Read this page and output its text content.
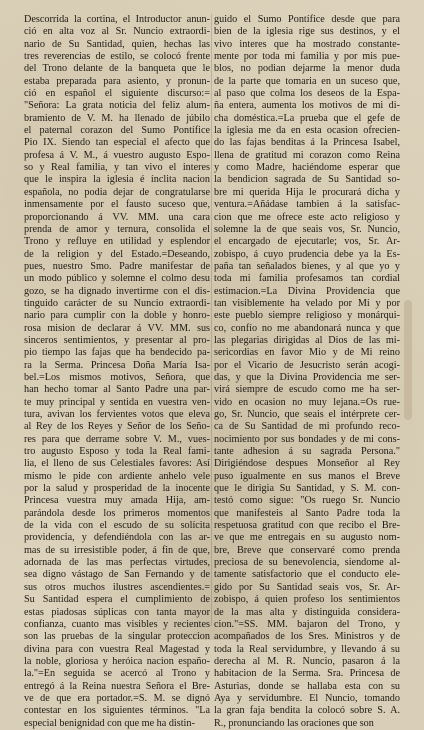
Descorrida la cortina, el Introductor anun-
ció en alta voz al Sr. Nuncio extraordi-
nario de Su Santidad, quien, hechas las
tres reverencias de estilo, se colocó frente
del Trono delante de la banqueta que le
estaba preparada para asiento, y pronun-
ció en español el siguiente discurso:=
"Señora: La grata noticia del feliz alum-
bramiento de V. M. ha llenado de júbilo
el paternal corazon del Sumo Pontífice
Pio IX. Siendo tan especial el afecto que
profesa á V. M., á vuestro augusto Espo-
so y Real familia, y tan vivo el interes
que le inspira la iglesia é ínclita nacion
española, no podia dejar de congratularse
inmensamente por el fausto suceso que,
proporcionando á VV. MM. una cara
prenda de amor y ternura, consolida el
Trono y refluye en utilidad y esplendor
de la religion y del Estado.=Deseando,
pues, nuestro Smo. Padre manifestar de
un modo público y solemne el colmo desu
gozo, se ha dignado invertirme con el dis-
tinguido carácter de su Nuncio extraordi-
nario para cumplir con la doble y honro-
rosa mision de declarar á VV. MM. sus
sinceros sentimientos, y presentar al pro-
pio tiempo las fajas que ha bendecido pa-
ra la Serma. Princesa Doña María Isa-
bel.=Los mismos motivos, Señora, que
han hecho tomar al Santo Padre una par-
te muy principal y sentida en vuestra ven-
tura, avivan los fervientes votos que eleva
al Rey de los Reyes y Señor de los Seño-
res para que derrame sobre V. M., vues-
tro augusto Esposo y toda la Real fami-
lia, el lleno de sus Celestiales favores: Así
mismo le pide con ardiente anhelo vele
por la salud y prosperidad de la inocente
Princesa vuestra muy amada Hija, am-
parándola desde los primeros momentos
de la vida con el escudo de su solícita
providencia, y defendiéndola con las ar-
mas de su irresistible poder, á fin de que,
adornada de las mas perfectas virtudes,
sea digno vástago de San Fernando y de
sus otros muchos ilustres ascendientes.=
Su Santidad espera el cumplimiento de
estas piadosas súplicas con tanta mayor
confianza, cuanto mas visibles y recientes
son las pruebas de la singular proteccion
divina para con vuestra Real Magestad y
la noble, gloriosa y heróica nacion españo-
la."=En seguida se acercó al Trono y
entregó á la Reina nuestra Señora el Bre-
ve de que era portador.=S. M. se dignó
contestar en los siguientes términos. "La
especial benignidad con que me ha distin-
guido el Sumo Pontífice desde que para
bien de la iglesia rige sus destinos, y el
vivo interes que ha mostrado constante-
mente por toda mi familia y por mis pue-
blos, no podian dejarme la menor duda
de la parte que tomaria en un suceso que,
al paso que colma los deseos de la Espa-
ña entera, aumenta los motivos de mi di-
cha doméstica.=La prueba que el gefe de
la iglesia me da en esta ocasion ofrecien-
do las fajas benditas á la Princesa Isabel,
llena de gratitud mi corazon como Reina
y como Madre, haciéndome esperar que
la bendicion sagrada de Su Santidad so-
bre mi querida Hija le procurará dicha y
ventura.=Añádase tambien á la satisfac-
cion que me ofrece este acto religioso y
solemne la de que seais vos, Sr. Nuncio,
el encargado de ejecutarle; vos, Sr. Ar-
zobispo, á cuyo prudencia debe ya la Es-
paña tan señalados bienes, y al que yo y
toda mi familia profesamos tan cordial
estimacion.=La Divina Providencia que
tan visiblemente ha velado por Mí y por
este pueblo siempre religioso y monárqui-
co, confío no me abandonará nunca y que
las plegarias dirigidas al Dios de las mi-
sericordias en favor Mio y de Mi reino
por el Vicario de Jesucristo serán acogi-
das, y que la Divina Providencia me ser-
virá siempre de escudo como me ha ser-
vido en ocasion no muy lejana.=Os rue-
go, Sr. Nuncio, que seais el intérprete cer-
ca de Su Santidad de mi profundo reco-
nocimiento por sus bondades y de mi cons-
tante adhesion á su sagrada Persona."
Dirigiéndose despues Monseñor al Rey
puso igualmente en sus manos el Breve
que le dirigia Su Santidad, y S. M. con-
testó como sigue: "Os ruego Sr. Nuncio
que manifesteis al Santo Padre toda la
respetuosa gratitud con que recibo el Bre-
ve que me entregais en su augusto nom-
bre, Breve que conservaré como prenda
preciosa de su benevolencia, siendome al-
tamente satisfactorio que el conducto ele-
gido por Su Santidad seais vos, Sr. Ar-
zobispo, á quien profeso los sentimientos
de la mas alta y distinguida considera-
cion."=SS. MM. bajaron del Trono, y
acompañados de los Sres. Ministros y de
toda la Real servidumbre, y llevando á su
derecha al M. R. Nuncio, pasaron á la
habitacion de la Serma. Sra. Princesa de
Asturias, donde se hallaba esta con su
Aya y servidumbre. El Nuncio, tomando
la gran faja bendita la colocó sobre S. A.
R., pronunciando las oraciones que son
